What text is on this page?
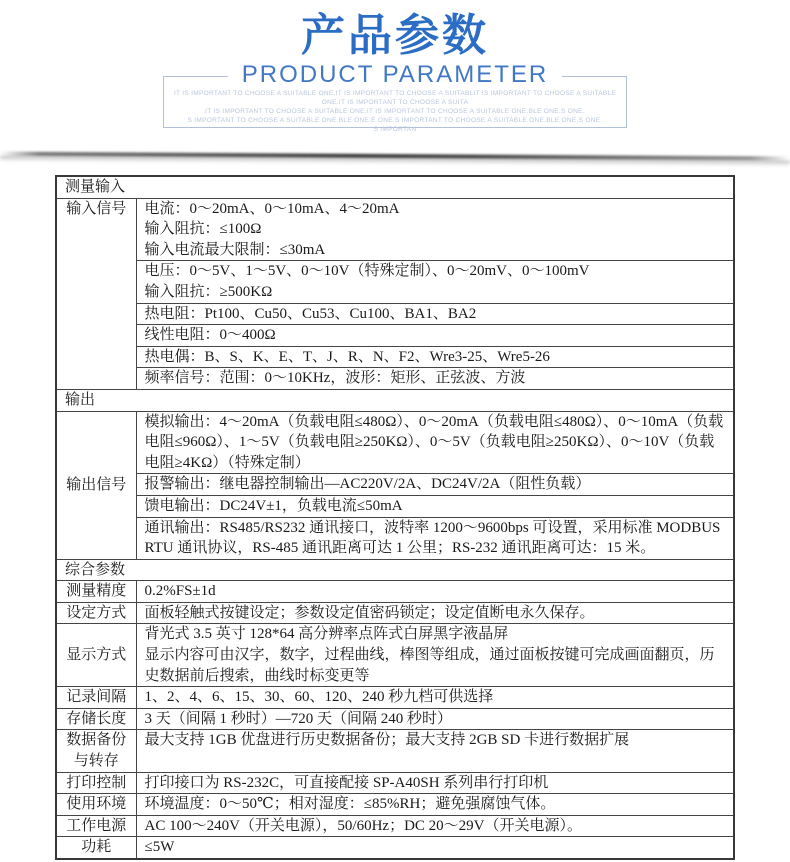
产品参数
PRODUCT PARAMETER
IT IS IMPORTANT TO CHOOSE A SUITABLE ONE.IT IS IMPORTANT TO CHOOSE A SUITABLIT IS IMPORTANT TO CHOOSE A SUITABLE ONE.IT IS IMPORTANT TO CHOOSE A SUITA
IT IS IMPORTANT TO CHOOSE A SUITABLE ONE.IT IS IMPORTANT TO CHOOSE A SUITABLE ONE.BLE ONE.S ONE.
S IMPORTANT TO CHOOSE A SUITABLE ONE.BLE ONE.E ONE.S IMPORTANT TO CHOOSE A SUITABLE ONE.BLE ONE.S ONE.
S IMPORTAN
测量输入	
输入信号	电流：0～20mA、0～10mA、4～20mA
输入阻抗：≤100Ω
输入电流最大限制：≤30mA

	电压：0～5V、1～5V、0～10V（特殊定制）、0～20mV、0～100mV
输入阻抗：≥500KΩ

	热电阻：Pt100、Cu50、Cu53、Cu100、BA1、BA2
	线性电阻：0～400Ω
	热电偶：B、S、K、E、T、J、R、N、F2、Wre3-25、Wre5-26
	频率信号：范围：0～10KHz，波形：矩形、正弦波、方波
输出	
输出信号	模拟输出：4～20mA（负载电阻≤480Ω）、0～20mA（负载电阻≤480Ω）、0～10mA（负载电阻≤960Ω）、1～5V（负载电阻≥250KΩ）、0～5V（负载电阻≥250KΩ）、0～10V（负载电阻≥4KΩ）（特殊定制）
	报警输出：继电器控制输出—AC220V/2A、DC24V/2A（阻性负载）
	馈电输出：DC24V±1，负载电流≤50mA
	通讯输出：RS485/RS232 通讯接口，波特率 1200～9600bps 可设置，采用标准 MODBUS RTU 通讯协议，RS-485 通讯距离可达 1 公里；RS-232 通讯距离可达：15 米。
综合参数	
测量精度	0.2%FS±1d
设定方式	面板轻触式按键设定；参数设定值密码锁定；设定值断电永久保存。
显示方式	背光式 3.5 英寸 128*64 高分辨率点阵式白屏黑字液晶屏
显示内容可由汉字，数字，过程曲线，棒图等组成，通过面板按键可完成画面翻页，历史数据前后搜索，曲线时标变更等

记录间隔	1、2、4、6、15、30、60、120、240 秒九档可供选择
存储长度	3 天（间隔 1 秒时）—720 天（间隔 240 秒时）

数据备份
与转存	最大支持 1GB 优盘进行历史数据备份；最大支持 2GB SD 卡进行数据扩展
打印控制	打印接口为 RS-232C，可直接配接 SP-A40SH 系列串行打印机
使用环境	环境温度：0～50℃；相对湿度：≤85%RH；避免强腐蚀气体。
工作电源	AC 100～240V（开关电源），50/60Hz；DC 20～29V（开关电源）。
功耗	≤5W
